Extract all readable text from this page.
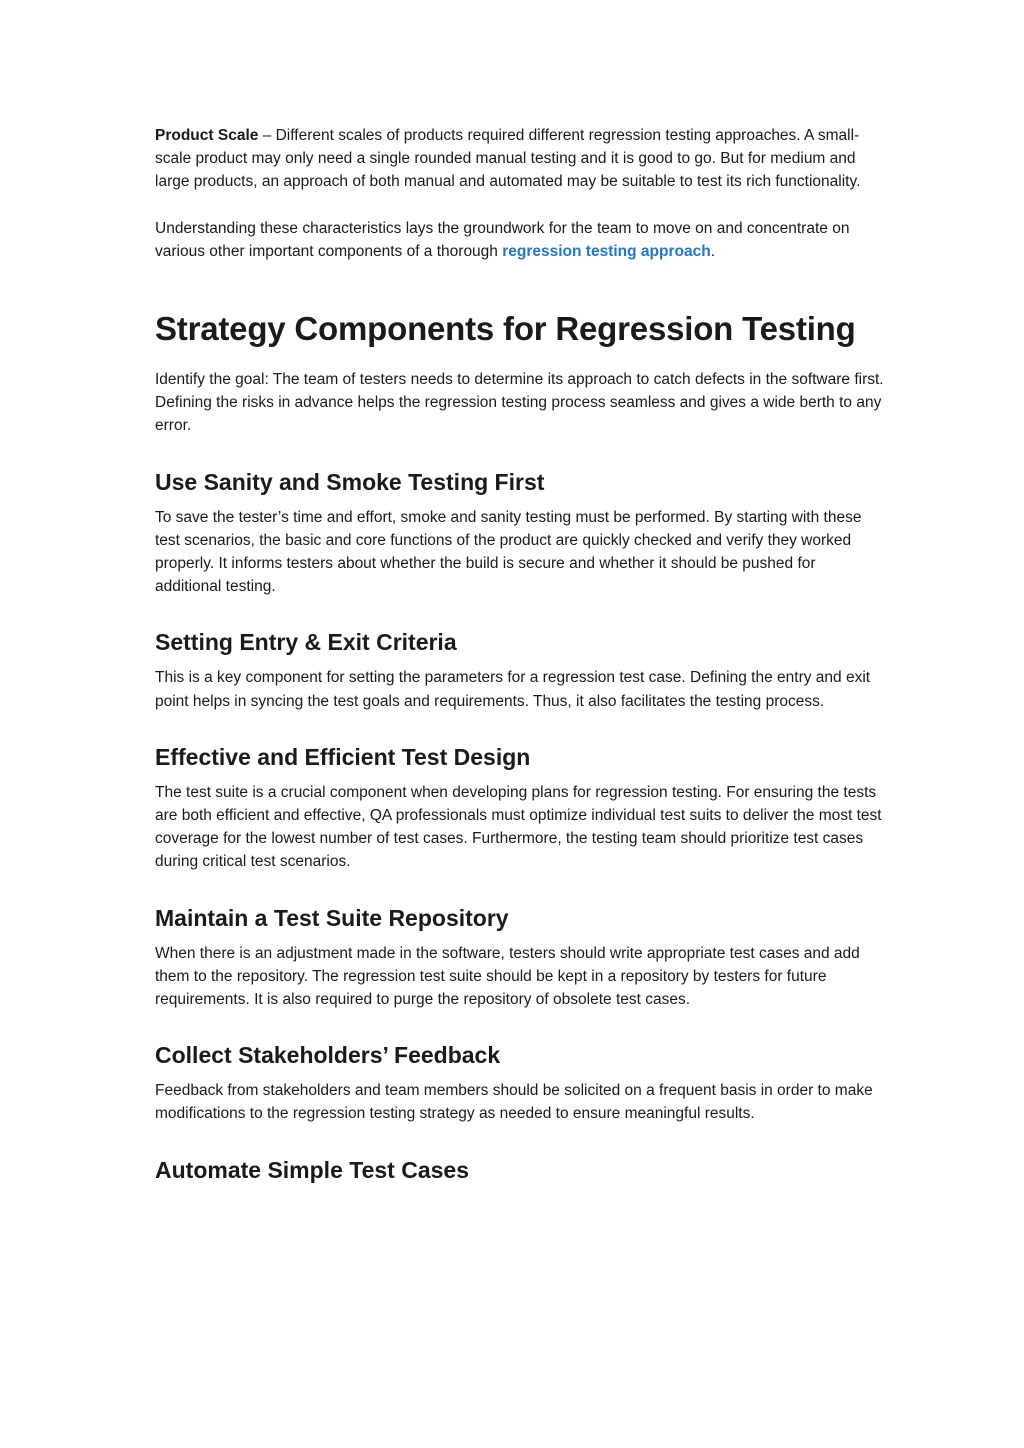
Product Scale – Different scales of products required different regression testing approaches. A small-scale product may only need a single rounded manual testing and it is good to go. But for medium and large products, an approach of both manual and automated may be suitable to test its rich functionality.

Understanding these characteristics lays the groundwork for the team to move on and concentrate on various other important components of a thorough regression testing approach.

Strategy Components for Regression Testing

Identify the goal: The team of testers needs to determine its approach to catch defects in the software first. Defining the risks in advance helps the regression testing process seamless and gives a wide berth to any error.

Use Sanity and Smoke Testing First

To save the tester’s time and effort, smoke and sanity testing must be performed. By starting with these test scenarios, the basic and core functions of the product are quickly checked and verify they worked properly. It informs testers about whether the build is secure and whether it should be pushed for additional testing.

Setting Entry & Exit Criteria

This is a key component for setting the parameters for a regression test case. Defining the entry and exit point helps in syncing the test goals and requirements. Thus, it also facilitates the testing process.

Effective and Efficient Test Design

The test suite is a crucial component when developing plans for regression testing. For ensuring the tests are both efficient and effective, QA professionals must optimize individual test suits to deliver the most test coverage for the lowest number of test cases. Furthermore, the testing team should prioritize test cases during critical test scenarios.

Maintain a Test Suite Repository

When there is an adjustment made in the software, testers should write appropriate test cases and add them to the repository. The regression test suite should be kept in a repository by testers for future requirements. It is also required to purge the repository of obsolete test cases.

Collect Stakeholders’ Feedback

Feedback from stakeholders and team members should be solicited on a frequent basis in order to make modifications to the regression testing strategy as needed to ensure meaningful results.

Automate Simple Test Cases
